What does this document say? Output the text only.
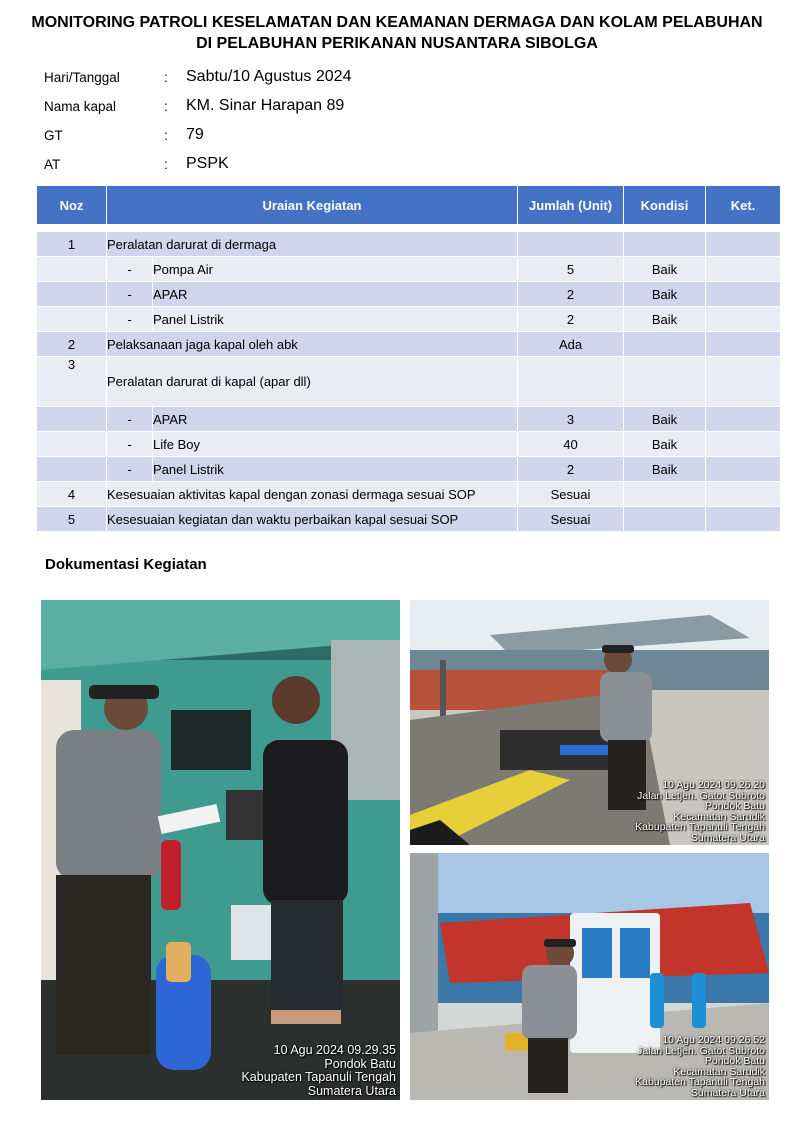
MONITORING PATROLI KESELAMATAN DAN KEAMANAN DERMAGA DAN KOLAM PELABUHAN
DI PELABUHAN PERIKANAN NUSANTARA SIBOLGA
Hari/Tanggal	: Sabtu/10 Agustus 2024
Nama kapal	: KM. Sinar Harapan 89
GT	: 79
AT	: PSPK
Noz	Uraian Kegiatan		Jumlah (Unit)	Kondisi	Ket.

1	Peralatan darurat di dermaga				
	-	Pompa Air	5	Baik	
	-	APAR	2	Baik	
	-	Panel Listrik	2	Baik	
2	Pelaksanaan jaga kapal oleh abk		Ada		
3	Peralatan darurat di kapal (apar dll)				
	-	APAR	3	Baik	
	-	Life Boy	40	Baik	
	-	Panel Listrik	2	Baik	
4	Kesesuaian aktivitas kapal dengan zonasi dermaga sesuai SOP		Sesuai		
5	Kesesuaian kegiatan dan waktu perbaikan kapal sesuai SOP		Sesuai		
Dokumentasi Kegiatan
10 Agu 2024 09.29.35
Pondok Batu
Kabupaten Tapanuli Tengah
Sumatera Utara
10 Agu 2024 09.26.20
Jalan Letjen. Gatot Subroto
Pondok Batu
Kecamatan Sarudik
Kabupaten Tapanuli Tengah
Sumatera Utara
10 Agu 2024 09.26.52
Jalan Letjen. Gatot Subroto
Pondok Batu
Kecamatan Sarudik
Kabupaten Tapanuli Tengah
Sumatera Utara
